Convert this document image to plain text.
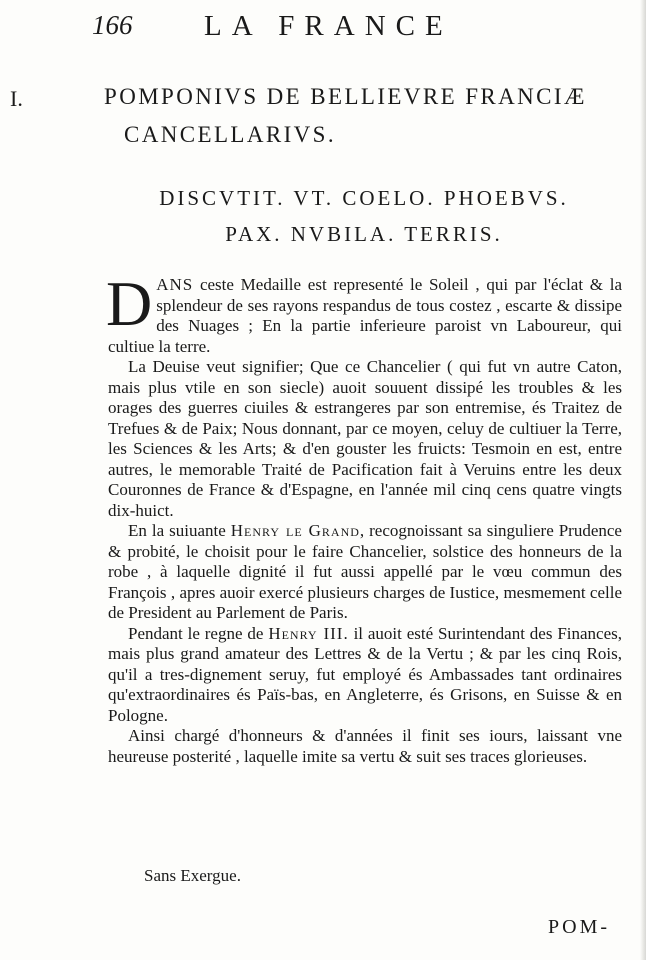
166 LA FRANCE
I.	POMPONIVS DE BELLIEVRE FRANCIÆ
CANCELLARIVS.
DISCVTIT. VT. COELO. PHOEBVS.
PAX. NVBILA. TERRIS.

DANS ceste Medaille est representé le Soleil , qui par l'éclat & la splendeur de ses rayons respandus de tous costez , escarte & dissipe des Nuages ; En la partie inferieure paroist vn Laboureur, qui cultiue la terre.

La Deuise veut signifier; Que ce Chancelier ( qui fut vn autre Caton, mais plus vtile en son siecle) auoit souuent dissipé les troubles & les orages des guerres ciuiles & estrangeres par son entremise, és Traitez de Trefues & de Paix; Nous donnant, par ce moyen, celuy de cultiuer la Terre, les Sciences & les Arts; & d'en gouster les fruicts: Tesmoin en est, entre autres, le memorable Traité de Pacification fait à Veruins entre les deux Couronnes de France & d'Espagne, en l'année mil cinq cens quatre vingts dix-huict.

En la suiuante Henry le Grand, recognoissant sa singuliere Prudence & probité, le choisit pour le faire Chancelier, solstice des honneurs de la robe , à laquelle dignité il fut aussi appellé par le vœu commun des François , apres auoir exercé plusieurs charges de Iustice, mesmement celle de President au Parlement de Paris.

Pendant le regne de Henry III. il auoit esté Surintendant des Finances, mais plus grand amateur des Lettres & de la Vertu ; & par les cinq Rois, qu'il a tres-dignement seruy, fut employé és Ambassades tant ordinaires qu'extraordinaires és Païs-bas, en Angleterre, és Grisons, en Suisse & en Pologne.

Ainsi chargé d'honneurs & d'années il finit ses iours, laissant vne heureuse posterité , laquelle imite sa vertu & suit ses traces glorieuses.

Sans Exergue.
POM-
